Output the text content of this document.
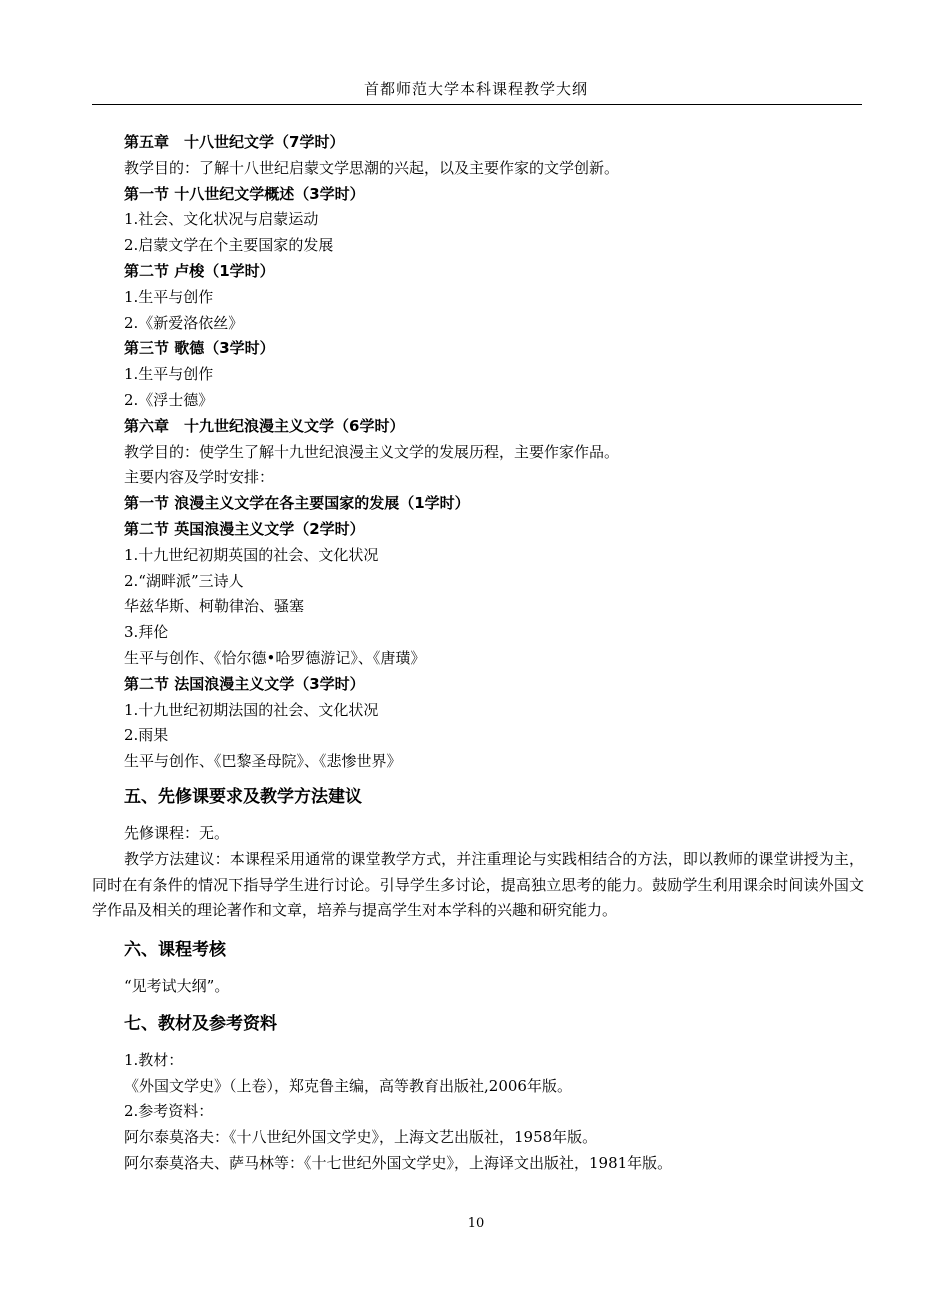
首都师范大学本科课程教学大纲
第五章　十八世纪文学（7学时）
教学目的：了解十八世纪启蒙文学思潮的兴起，以及主要作家的文学创新。
第一节 十八世纪文学概述（3学时）
1.社会、文化状况与启蒙运动
2.启蒙文学在个主要国家的发展
第二节 卢梭（1学时）
1.生平与创作
2.《新爱洛依丝》
第三节 歌德（3学时）
1.生平与创作
2.《浮士德》
第六章　十九世纪浪漫主义文学（6学时）
教学目的：使学生了解十九世纪浪漫主义文学的发展历程，主要作家作品。
主要内容及学时安排：
第一节 浪漫主义文学在各主要国家的发展（1学时）
第二节 英国浪漫主义文学（2学时）
1.十九世纪初期英国的社会、文化状况
2.“湖畔派”三诗人
华兹华斯、柯勒律治、骚塞
3.拜伦
生平与创作、《恰尔德•哈罗德游记》、《唐璜》
第二节 法国浪漫主义文学（3学时）
1.十九世纪初期法国的社会、文化状况
2.雨果
生平与创作、《巴黎圣母院》、《悲惨世界》
五、先修课要求及教学方法建议
先修课程：无。
教学方法建议：本课程采用通常的课堂教学方式，并注重理论与实践相结合的方法，即以教师的课堂讲授为主，同时在有条件的情况下指导学生进行讨论。引导学生多讨论，提高独立思考的能力。鼓励学生利用课余时间读外国文学作品及相关的理论著作和文章，培养与提高学生对本学科的兴趣和研究能力。
六、课程考核
“见考试大纲”。
七、教材及参考资料
1.教材：
《外国文学史》（上卷），郑克鲁主编，高等教育出版社,2006年版。
2.参考资料：
阿尔泰莫洛夫：《十八世纪外国文学史》，上海文艺出版社，1958年版。
阿尔泰莫洛夫、萨马林等：《十七世纪外国文学史》，上海译文出版社，1981年版。
10
